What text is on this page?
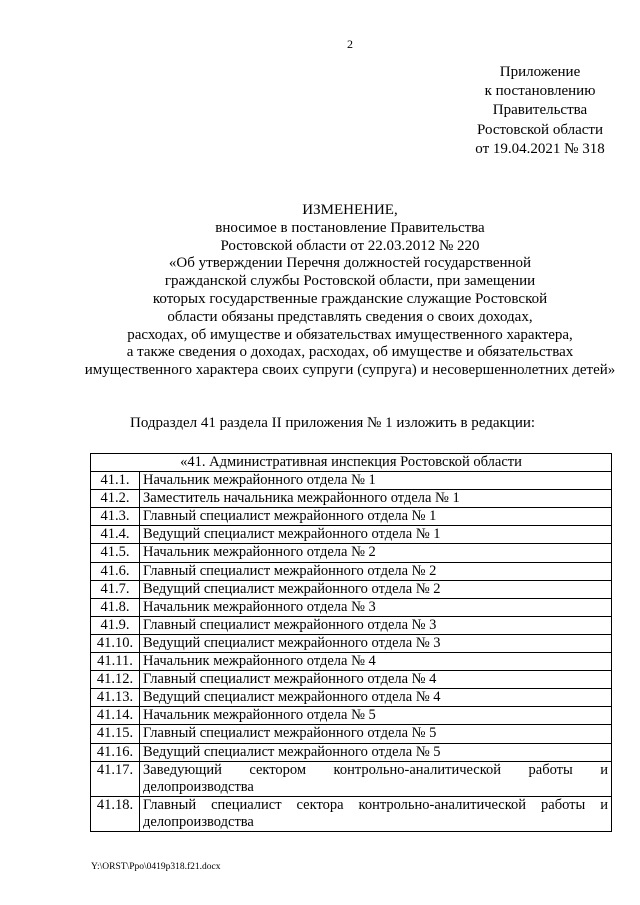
2
Приложение
к постановлению
Правительства
Ростовской области
от 19.04.2021 № 318
ИЗМЕНЕНИЕ,
вносимое в постановление Правительства
Ростовской области от 22.03.2012 № 220
«Об утверждении Перечня должностей государственной
гражданской службы Ростовской области, при замещении
которых государственные гражданские служащие Ростовской
области обязаны представлять сведения о своих доходах,
расходах, об имуществе и обязательствах имущественного характера,
а также сведения о доходах, расходах, об имуществе и обязательствах
имущественного характера своих супруги (супруга) и несовершеннолетних детей»
Подраздел 41 раздела II приложения № 1 изложить в редакции:
«41. Административная инспекция Ростовской области	
41.1.	Начальник межрайонного отдела № 1
41.2.	Заместитель начальника межрайонного отдела № 1
41.3.	Главный специалист межрайонного отдела № 1
41.4.	Ведущий специалист межрайонного отдела № 1
41.5.	Начальник межрайонного отдела № 2
41.6.	Главный специалист межрайонного отдела № 2
41.7.	Ведущий специалист межрайонного отдела № 2
41.8.	Начальник межрайонного отдела № 3
41.9.	Главный специалист межрайонного отдела № 3
41.10.	Ведущий специалист межрайонного отдела № 3
41.11.	Начальник межрайонного отдела № 4
41.12.	Главный специалист межрайонного отдела № 4
41.13.	Ведущий специалист межрайонного отдела № 4
41.14.	Начальник межрайонного отдела № 5
41.15.	Главный специалист межрайонного отдела № 5
41.16.	Ведущий специалист межрайонного отдела № 5
41.17.	Заведующий сектором контрольно-аналитической работы и делопроизводства
41.18.	Главный специалист сектора контрольно-аналитической работы и делопроизводства
Y:\ORST\Ppo\0419p318.f21.docx
